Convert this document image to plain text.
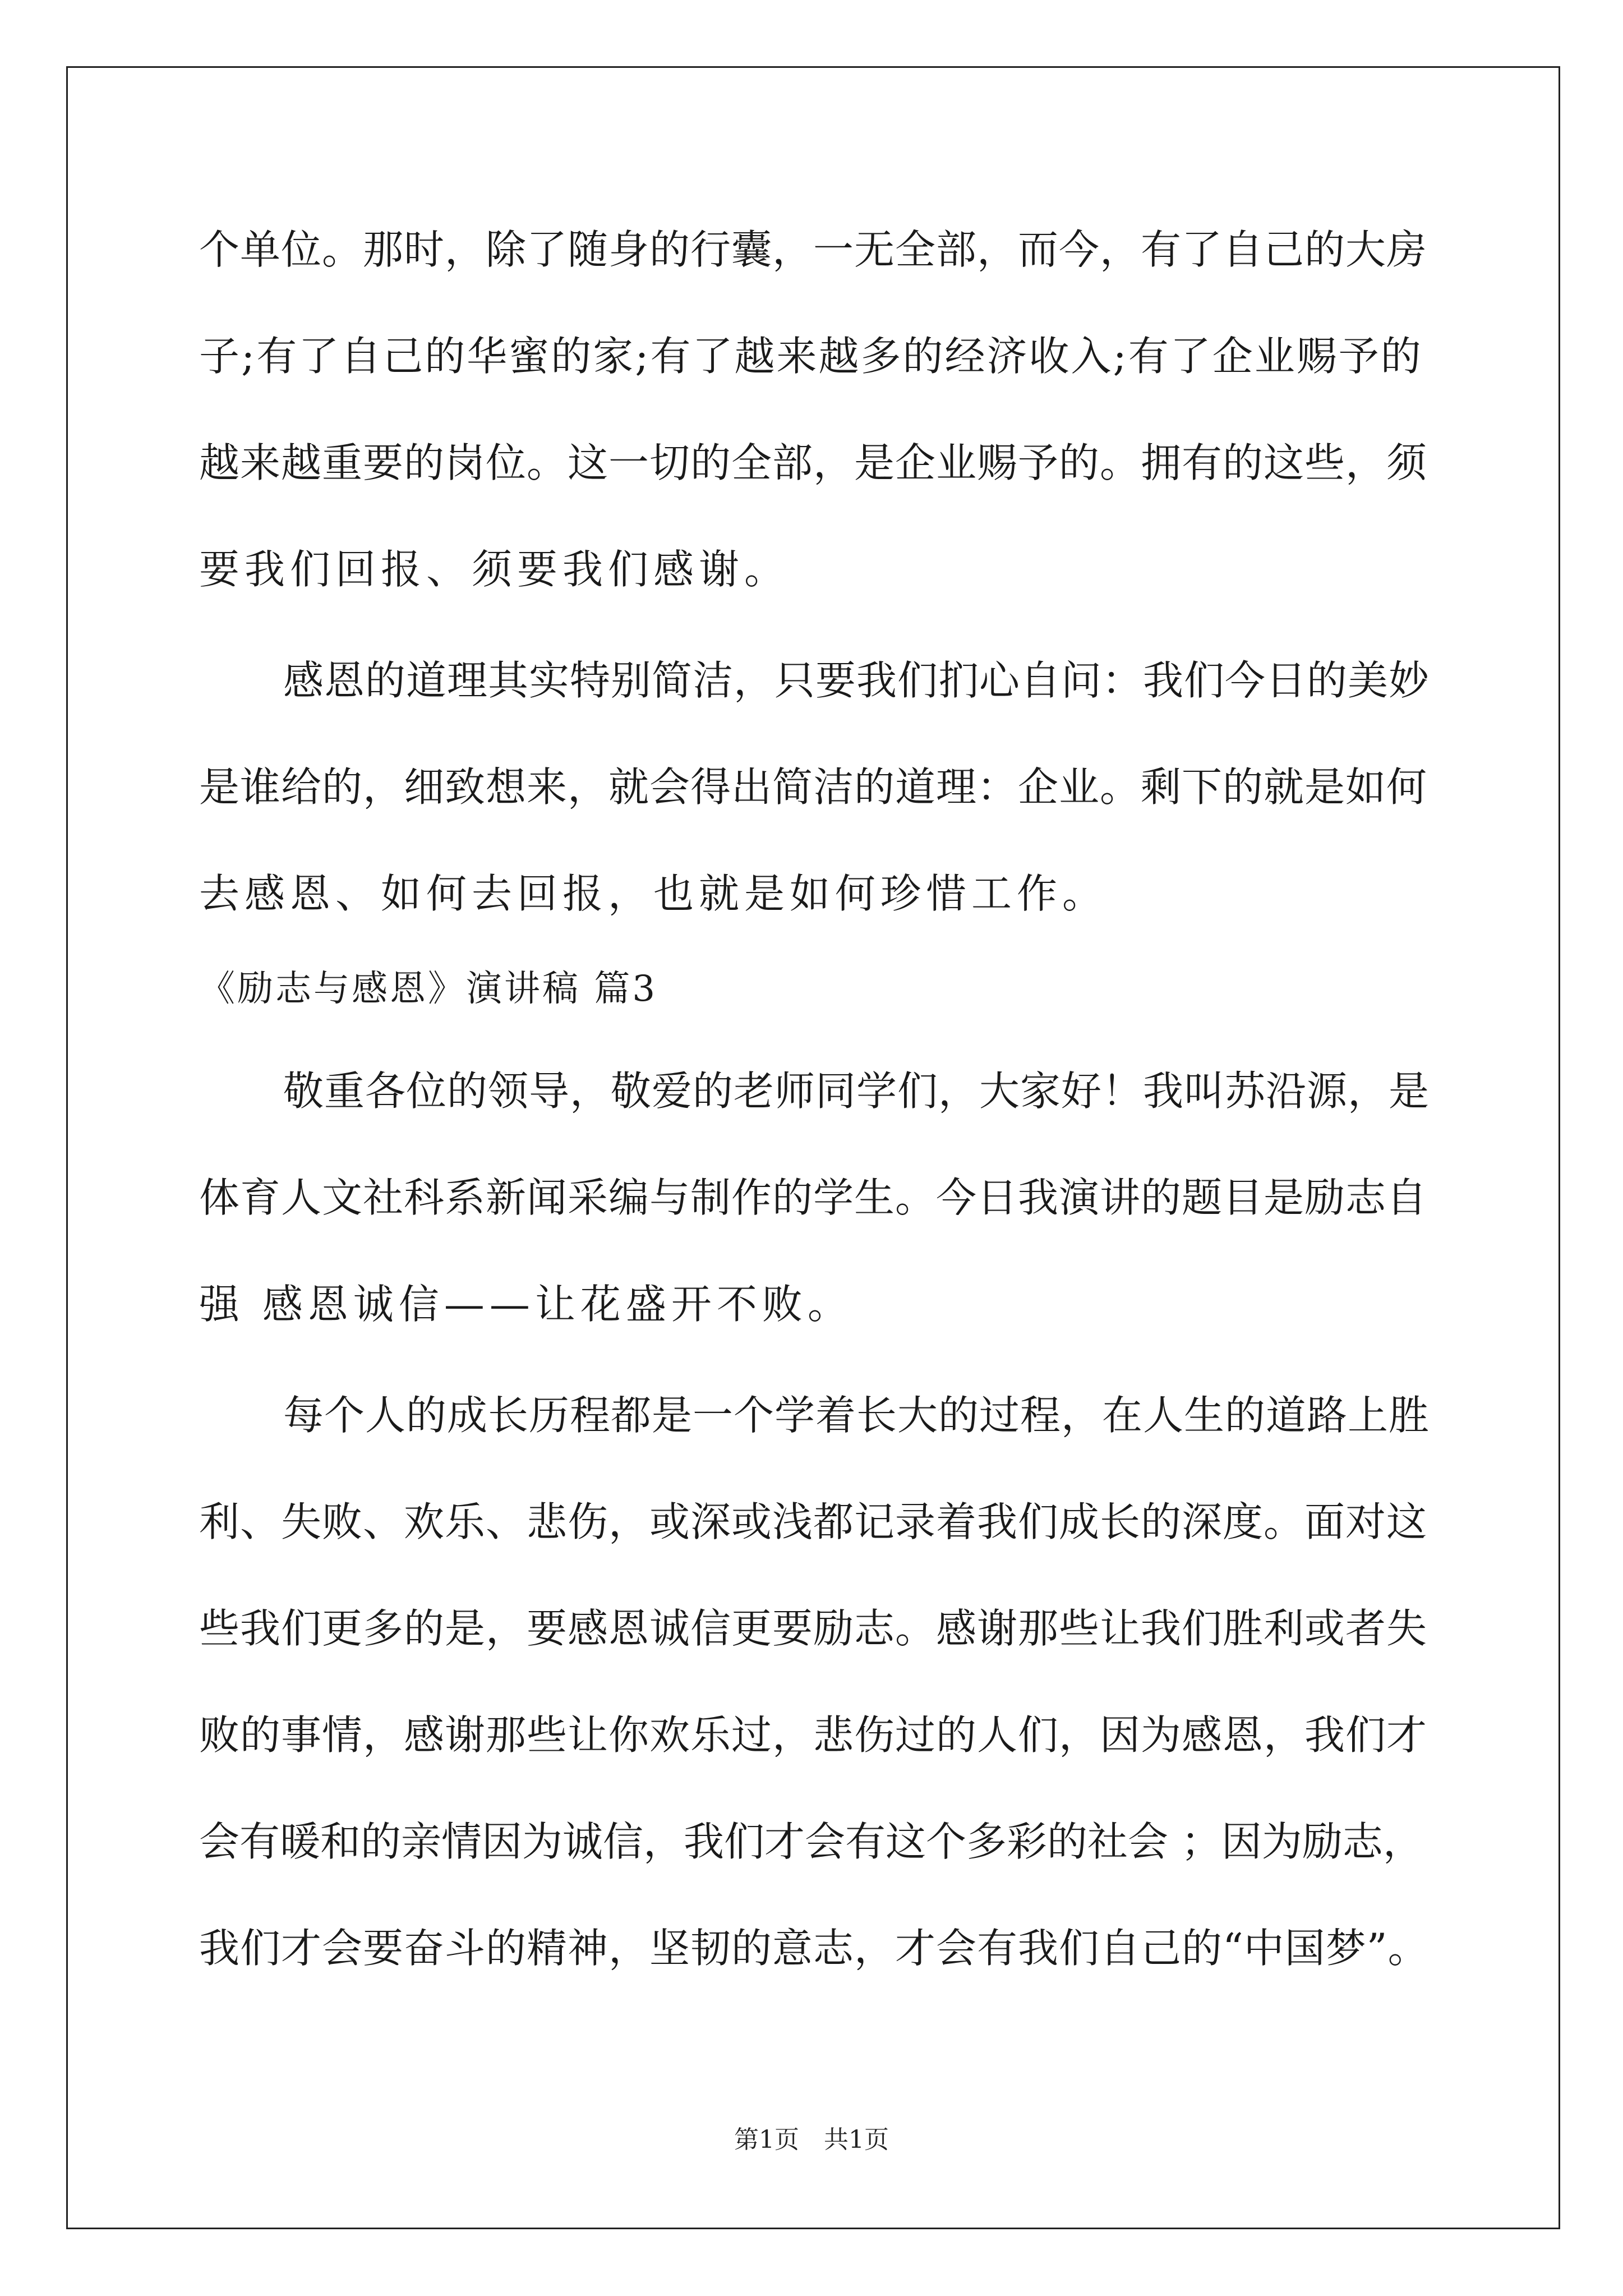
个单位。那时，除了随身的行囊，一无全部，而今，有了自己的大房
子;有了自己的华蜜的家;有了越来越多的经济收入;有了企业赐予的
越来越重要的岗位。这一切的全部，是企业赐予的。拥有的这些，须
要我们回报、须要我们感谢。
感恩的道理其实特别简洁，只要我们扪心自问：我们今日的美妙
是谁给的，细致想来，就会得出简洁的道理：企业。剩下的就是如何
去感恩、如何去回报，也就是如何珍惜工作。
《励志与感恩》演讲稿 篇3
敬重各位的领导，敬爱的老师同学们，大家好！我叫苏沿源，是
体育人文社科系新闻采编与制作的学生。今日我演讲的题目是励志自
强 感恩诚信——让花盛开不败。
每个人的成长历程都是一个学着长大的过程，在人生的道路上胜
利、失败、欢乐、悲伤，或深或浅都记录着我们成长的深度。面对这
些我们更多的是，要感恩诚信更要励志。感谢那些让我们胜利或者失
败的事情，感谢那些让你欢乐过，悲伤过的人们，因为感恩，我们才
会有暖和的亲情因为诚信，我们才会有这个多彩的社会 ；因为励志，
我们才会要奋斗的精神，坚韧的意志，才会有我们自己的“中国梦”。
第1页　共1页
